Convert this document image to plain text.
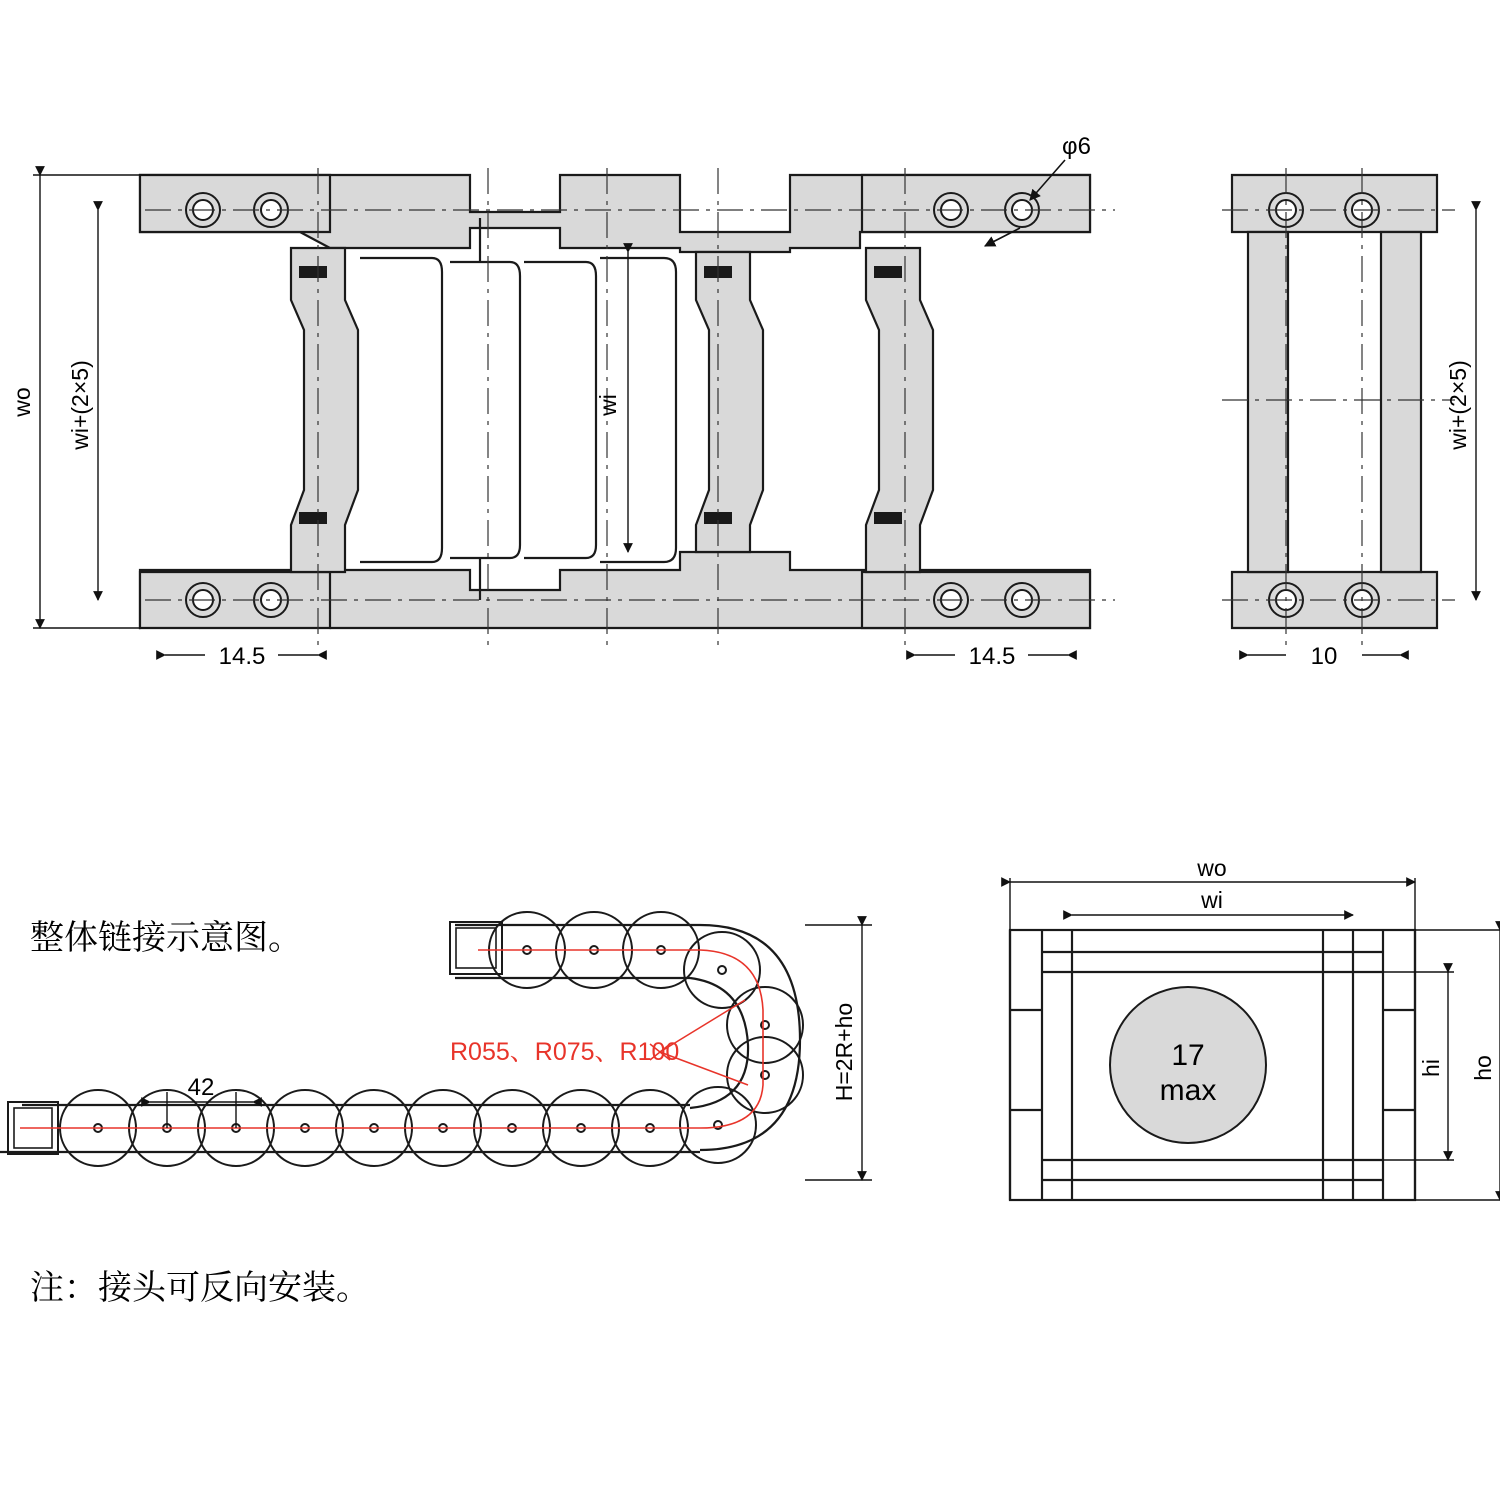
φ6
wo wi+(2×5)	wi
14.5	14.5
wi+(2×5)
10
整体链接示意图。
R055、R075、R100
42	H=2R+ho	17
max
wo
wi
hi ho
注：接头可反向安装。
